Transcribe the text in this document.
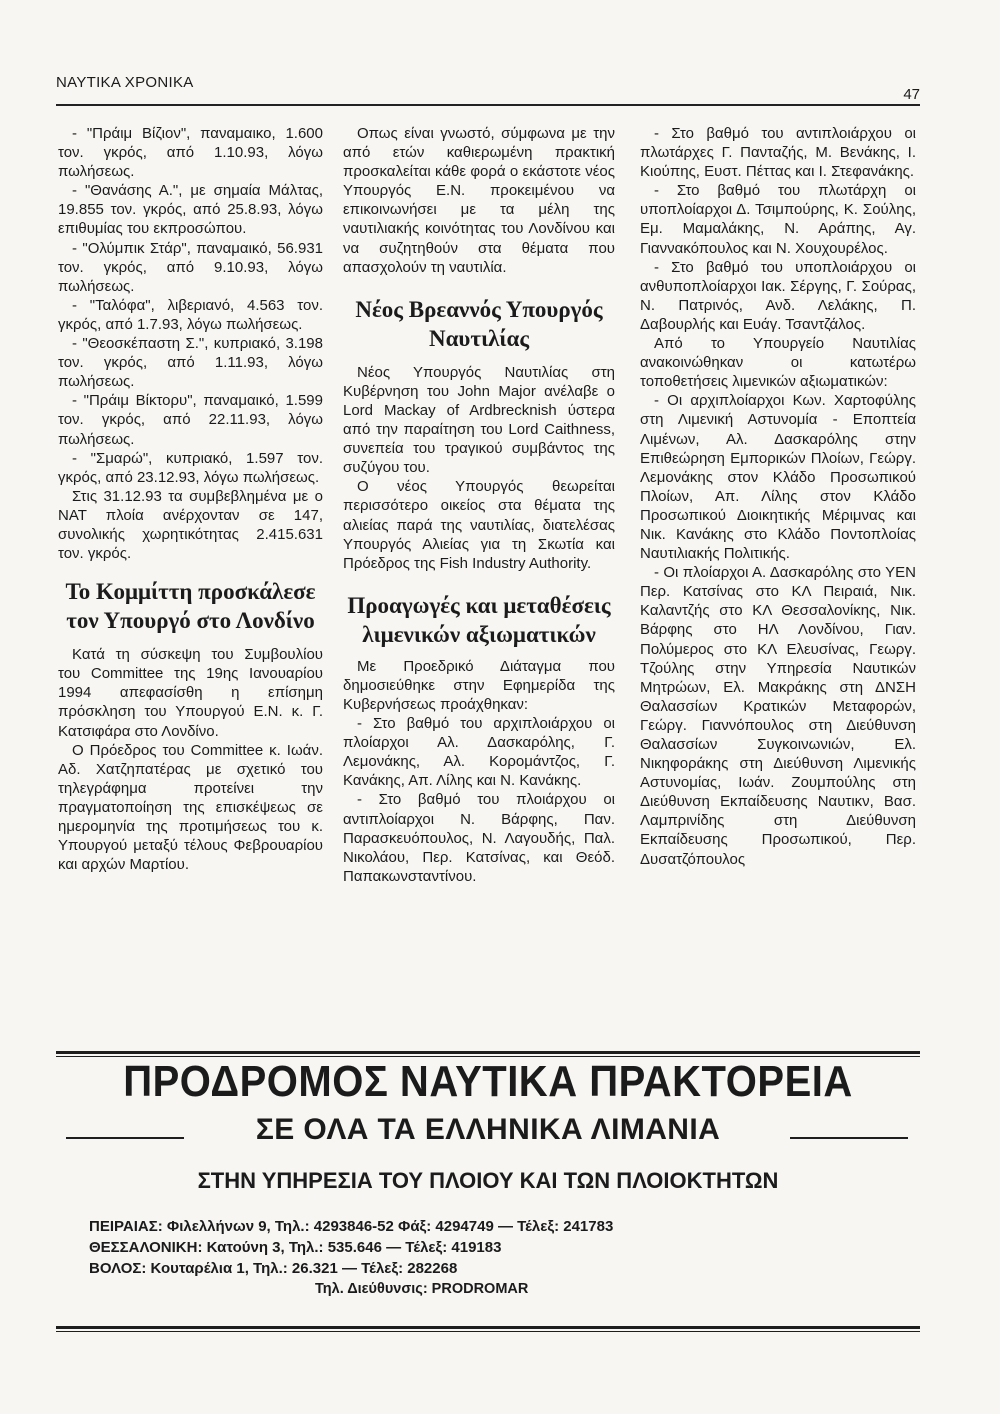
ΝΑΥΤΙΚΑ ΧΡΟΝΙΚΑ
47

- "Πράιμ Βίζιον", παναμαικο, 1.600 τον. γκρός, από 1.10.93, λόγω πωλήσεως.

- "Θανάσης Α.", με σημαία Μάλτας, 19.855 τον. γκρός, από 25.8.93, λόγω επιθυμίας του εκπροσώπου.

- "Ολύμπικ Στάρ", παναμαικό, 56.931 τον. γκρός, από 9.10.93, λόγω πωλήσεως.

- "Ταλόφα", λιβεριανό, 4.563 τον. γκρός, από 1.7.93, λόγω πωλήσεως.

- "Θεοσκέπαστη Σ.", κυπριακό, 3.198 τον. γκρός, από 1.11.93, λόγω πωλήσεως.

- "Πράιμ Βίκτορυ", παναμαικό, 1.599 τον. γκρός, από 22.11.93, λόγω πωλήσεως.

- "Σμαρώ", κυπριακό, 1.597 τον. γκρός, από 23.12.93, λόγω πωλήσεως.

Στις 31.12.93 τα συμβεβλημένα με ο ΝΑΤ πλοία ανέρχονταν σε 147, συνολικής χωρητικότητας 2.415.631 τον. γκρός.

Το Κομμίττη προσκάλεσε τον Υπουργό στο Λονδίνο

Κατά τη σύσκεψη του Συμβουλίου του Committee της 19ης Ιανουαρίου 1994 απεφασίσθη η επίσημη πρόσκληση του Υπουργού Ε.Ν. κ. Γ. Κατσιφάρα στο Λονδίνο.

Ο Πρόεδρος του Committee κ. Ιωάν. Αδ. Χατζηπατέρας με σχετικό του τηλεγράφημα προτείνει την πραγματοποίηση της επισκέψεως σε ημερομηνία της προτιμήσεως του κ. Υπουργού μεταξύ τέλους Φεβρουαρίου και αρχών Μαρτίου.

Οπως είναι γνωστό, σύμφωνα με την από ετών καθιερωμένη πρακτική προσκαλείται κάθε φορά ο εκάστοτε νέος Υπουργός Ε.Ν. προκειμένου να επικοινωνήσει με τα μέλη της ναυτιλιακής κοινότητας του Λονδίνου και να συζητηθούν στα θέματα που απασχολούν τη ναυτιλία.

Νέος Βρεαννός Υπουργός Ναυτιλίας

Νέος Υπουργός Ναυτιλίας στη Κυβέρνηση του John Major ανέλαβε ο Lord Mackay of Ardbrecknish ύστερα από την παραίτηση του Lord Caithness, συνεπεία του τραγικού συμβάντος της συζύγου του.

Ο νέος Υπουργός θεωρείται περισσότερο οικείος στα θέματα της αλιείας παρά της ναυτιλίας, διατελέσας Υπουργός Αλιείας για τη Σκωτία και Πρόεδρος της Fish Industry Authority.

Προαγωγές και μεταθέσεις λιμενικών αξιωματικών

Με Προεδρικό Διάταγμα που δημοσιεύθηκε στην Εφημερίδα της Κυβερνήσεως προάχθηκαν:

- Στο βαθμό του αρχιπλοιάρχου οι πλοίαρχοι Αλ. Δασκαρόλης, Γ. Λεμονάκης, Αλ. Κορομάντζος, Γ. Κανάκης, Απ. Λίλης και Ν. Κανάκης.

- Στο βαθμό του πλοιάρχου οι αντιπλοίαρχοι Ν. Βάρφης, Παν. Παρασκευόπουλος, Ν. Λαγουδής, Παλ. Νικολάου, Περ. Κατσίνας, και Θεόδ. Παπακωνσταντίνου.

- Στο βαθμό του αντιπλοιάρχου οι πλωτάρχες Γ. Πανταζής, Μ. Βενάκης, Ι. Κιούπης, Ευστ. Πέττας και Ι. Στεφανάκης.

- Στο βαθμό του πλωτάρχη οι υποπλοίαρχοι Δ. Τσιμπούρης, Κ. Σούλης, Εμ. Μαμαλάκης, Ν. Αράπης, Αγ. Γιαννακόπουλος και Ν. Χουχουρέλος.

- Στο βαθμό του υποπλοιάρχου οι ανθυποπλοίαρχοι Ιακ. Σέργης, Γ. Σούρας, Ν. Πατρινός, Ανδ. Λελάκης, Π. Δαβουρλής και Ευάγ. Τσαντζάλος.

Από το Υπουργείο Ναυτιλίας ανακοινώθηκαν οι κατωτέρω τοποθετήσεις λιμενικών αξιωματικών:

- Οι αρχιπλοίαρχοι Κων. Χαρτοφύλης στη Λιμενική Αστυνομία - Εποπτεία Λιμένων, Αλ. Δασκαρόλης στην Επιθεώρηση Εμπορικών Πλοίων, Γεώργ. Λεμονάκης στον Κλάδο Προσωπικού Πλοίων, Απ. Λίλης στον Κλάδο Προσωπικού Διοικητικής Μέριμνας και Νικ. Κανάκης στο Κλάδο Ποντοπλοίας Ναυτιλιακής Πολιτικής.

- Οι πλοίαρχοι Α. Δασκαρόλης στο ΥΕΝ Περ. Κατσίνας στο ΚΛ Πειραιά, Νικ. Καλαντζής στο ΚΛ Θεσσαλονίκης, Νικ. Βάρφης στο ΗΛ Λονδίνου, Γιαν. Πολύμερος στο ΚΛ Ελευσίνας, Γεωργ. Τζούλης στην Υπηρεσία Ναυτικών Μητρώων, Ελ. Μακράκης στη ΔΝΣΗ Θαλασσίων Κρατικών Μεταφορών, Γεώργ. Γιαννόπουλος στη Διεύθυνση Θαλασσίων Συγκοινωνιών, Ελ. Νικηφοράκης στη Διεύθυνση Λιμενικής Αστυνομίας, Ιωάν. Ζουμπούλης στη Διεύθυνση Εκπαίδευσης Ναυτικν, Βασ. Λαμπρινίδης στη Διεύθυνση Εκπαίδευσης Προσωπικού, Περ. Δυσατζόπουλος

ΠΡΟΔΡΟΜΟΣ ΝΑΥΤΙΚΑ ΠΡΑΚΤΟΡΕΙΑ
ΣΕ ΟΛΑ ΤΑ ΕΛΛΗΝΙΚΑ ΛΙΜΑΝΙΑ
ΣΤΗΝ ΥΠΗΡΕΣΙΑ ΤΟΥ ΠΛΟΙΟΥ ΚΑΙ ΤΩΝ ΠΛΟΙΟΚΤΗΤΩΝ
ΠΕΙΡΑΙΑΣ: Φιλελλήνων 9, Τηλ.: 4293846-52 Φάξ: 4294749 — Τέλεξ: 241783
ΘΕΣΣΑΛΟΝΙΚΗ: Κατούνη 3, Τηλ.: 535.646 — Τέλεξ: 419183
ΒΟΛΟΣ: Κουταρέλια 1, Τηλ.: 26.321 — Τέλεξ: 282268
Τηλ. Διεύθυνσις: PRODROMAR
